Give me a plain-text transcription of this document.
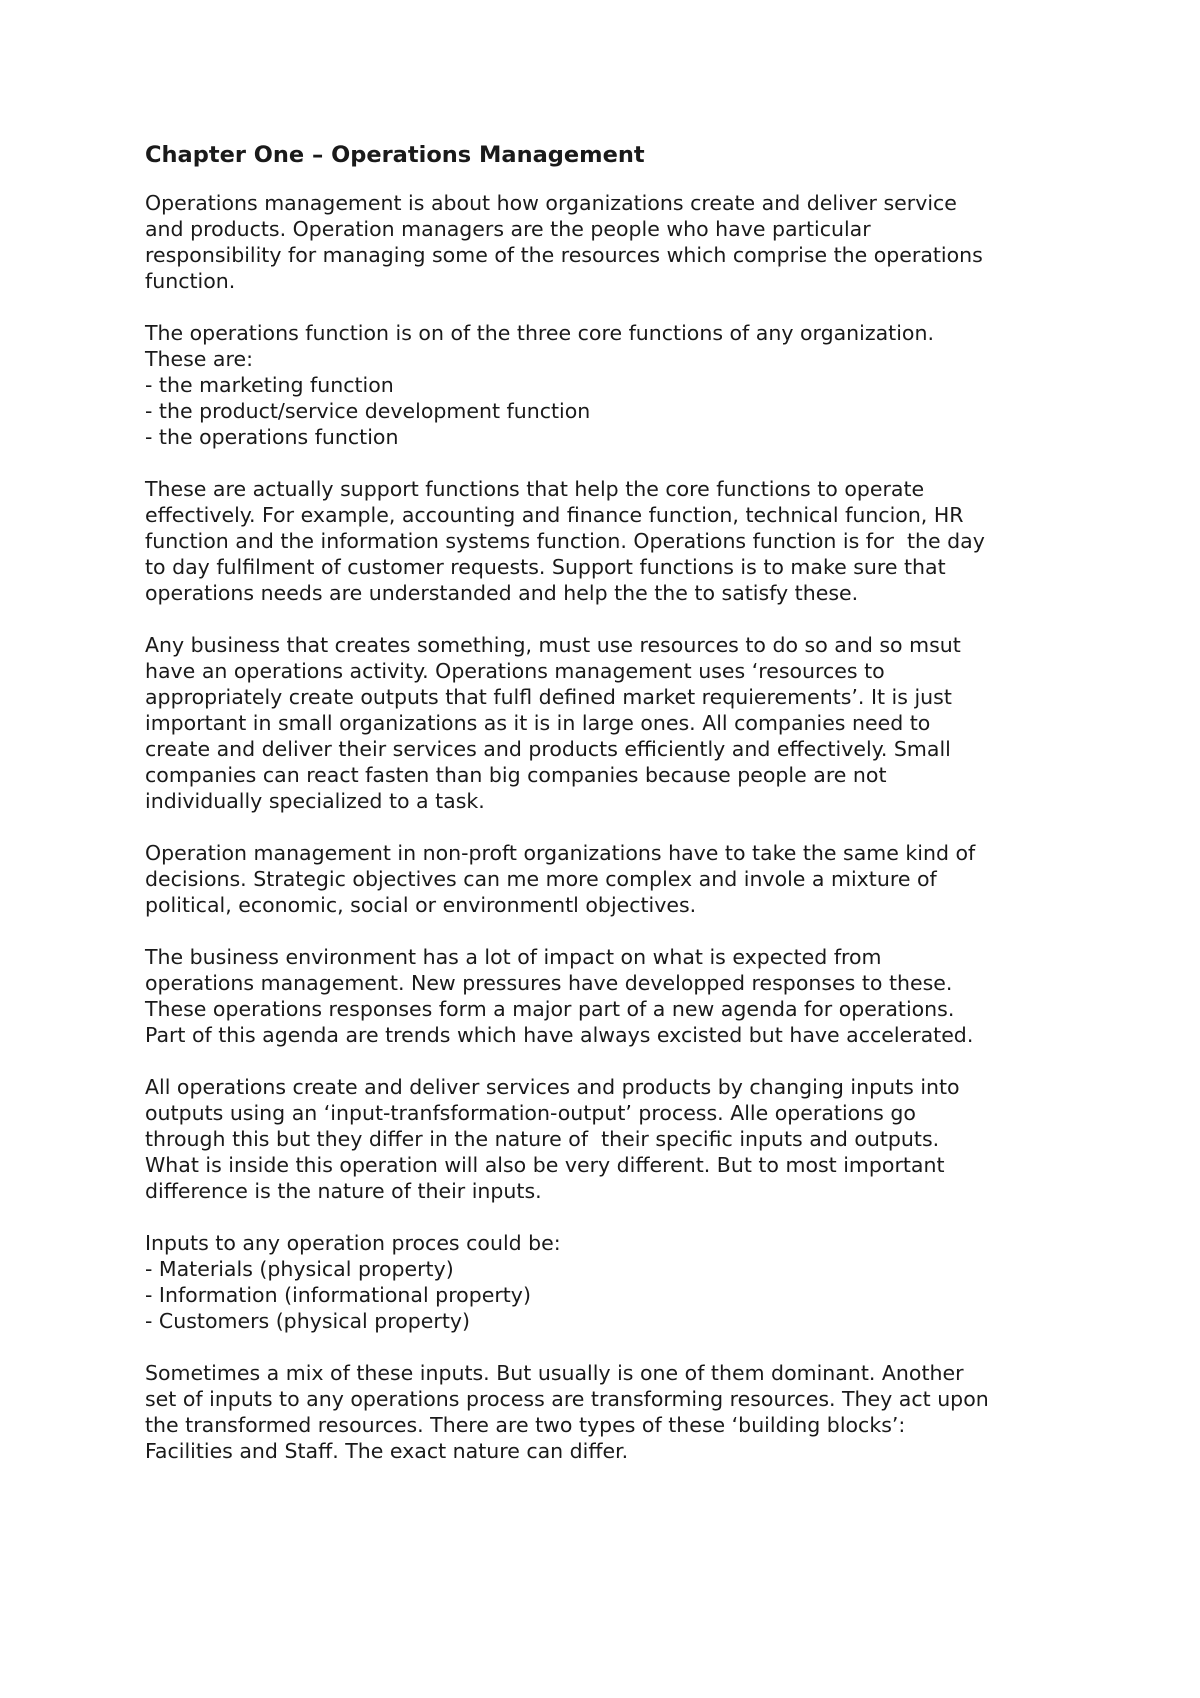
Chapter One – Operations Management
Operations management is about how organizations create and deliver service
and products. Operation managers are the people who have particular
responsibility for managing some of the resources which comprise the operations
function.
The operations function is on of the three core functions of any organization.
These are:
- the marketing function
- the product/service development function
- the operations function
These are actually support functions that help the core functions to operate
effectively. For example, accounting and finance function, technical funcion, HR
function and the information systems function. Operations function is for  the day
to day fulfilment of customer requests. Support functions is to make sure that
operations needs are understanded and help the the to satisfy these.
Any business that creates something, must use resources to do so and so msut
have an operations activity. Operations management uses ‘resources to
appropriately create outputs that fulfl defined market requierements’. It is just
important in small organizations as it is in large ones. All companies need to
create and deliver their services and products efficiently and effectively. Small
companies can react fasten than big companies because people are not
individually specialized to a task.
Operation management in non-proft organizations have to take the same kind of
decisions. Strategic objectives can me more complex and invole a mixture of
political, economic, social or environmentl objectives.
The business environment has a lot of impact on what is expected from
operations management. New pressures have developped responses to these.
These operations responses form a major part of a new agenda for operations.
Part of this agenda are trends which have always excisted but have accelerated.
All operations create and deliver services and products by changing inputs into
outputs using an ‘input-tranfsformation-output’ process. Alle operations go
through this but they differ in the nature of  their specific inputs and outputs.
What is inside this operation will also be very different. But to most important
difference is the nature of their inputs.
Inputs to any operation proces could be:
- Materials (physical property)
- Information (informational property)
- Customers (physical property)
Sometimes a mix of these inputs. But usually is one of them dominant. Another
set of inputs to any operations process are transforming resources. They act upon
the transformed resources. There are two types of these ‘building blocks’:
Facilities and Staff. The exact nature can differ.
